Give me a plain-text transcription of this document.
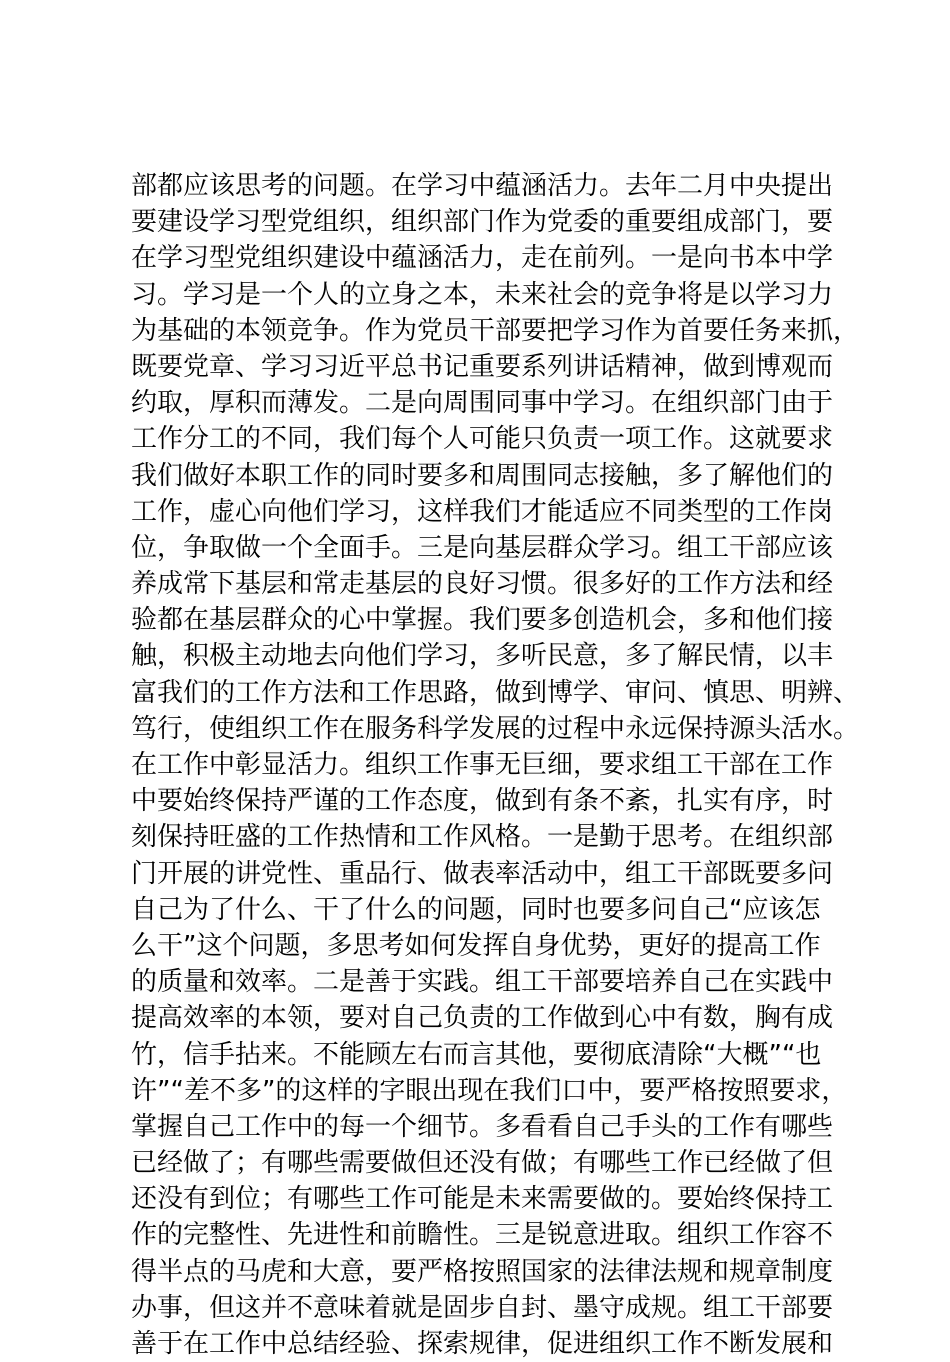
部都应该思考的问题。在学习中蕴涵活力。去年二月中央提出
要建设学习型党组织，组织部门作为党委的重要组成部门，要
在学习型党组织建设中蕴涵活力，走在前列。一是向书本中学
习。学习是一个人的立身之本，未来社会的竞争将是以学习力
为基础的本领竞争。作为党员干部要把学习作为首要任务来抓，
既要党章、学习习近平总书记重要系列讲话精神，做到博观而
约取，厚积而薄发。二是向周围同事中学习。在组织部门由于
工作分工的不同，我们每个人可能只负责一项工作。这就要求
我们做好本职工作的同时要多和周围同志接触，多了解他们的
工作，虚心向他们学习，这样我们才能适应不同类型的工作岗
位，争取做一个全面手。三是向基层群众学习。组工干部应该
养成常下基层和常走基层的良好习惯。很多好的工作方法和经
验都在基层群众的心中掌握。我们要多创造机会，多和他们接
触，积极主动地去向他们学习，多听民意，多了解民情，以丰
富我们的工作方法和工作思路，做到博学、审问、慎思、明辨、
笃行，使组织工作在服务科学发展的过程中永远保持源头活水。
在工作中彰显活力。组织工作事无巨细，要求组工干部在工作
中要始终保持严谨的工作态度，做到有条不紊，扎实有序，时
刻保持旺盛的工作热情和工作风格。一是勤于思考。在组织部
门开展的讲党性、重品行、做表率活动中，组工干部既要多问
自己为了什么、干了什么的问题，同时也要多问自己“应该怎
么干”这个问题，多思考如何发挥自身优势，更好的提高工作
的质量和效率。二是善于实践。组工干部要培养自己在实践中
提高效率的本领，要对自己负责的工作做到心中有数，胸有成
竹，信手拈来。不能顾左右而言其他，要彻底清除“大概”“也
许”“差不多”的这样的字眼出现在我们口中，要严格按照要求，
掌握自己工作中的每一个细节。多看看自己手头的工作有哪些
已经做了；有哪些需要做但还没有做；有哪些工作已经做了但
还没有到位；有哪些工作可能是未来需要做的。要始终保持工
作的完整性、先进性和前瞻性。三是锐意进取。组织工作容不
得半点的马虎和大意，要严格按照国家的法律法规和规章制度
办事，但这并不意味着就是固步自封、墨守成规。组工干部要
善于在工作中总结经验、探索规律，促进组织工作不断发展和
